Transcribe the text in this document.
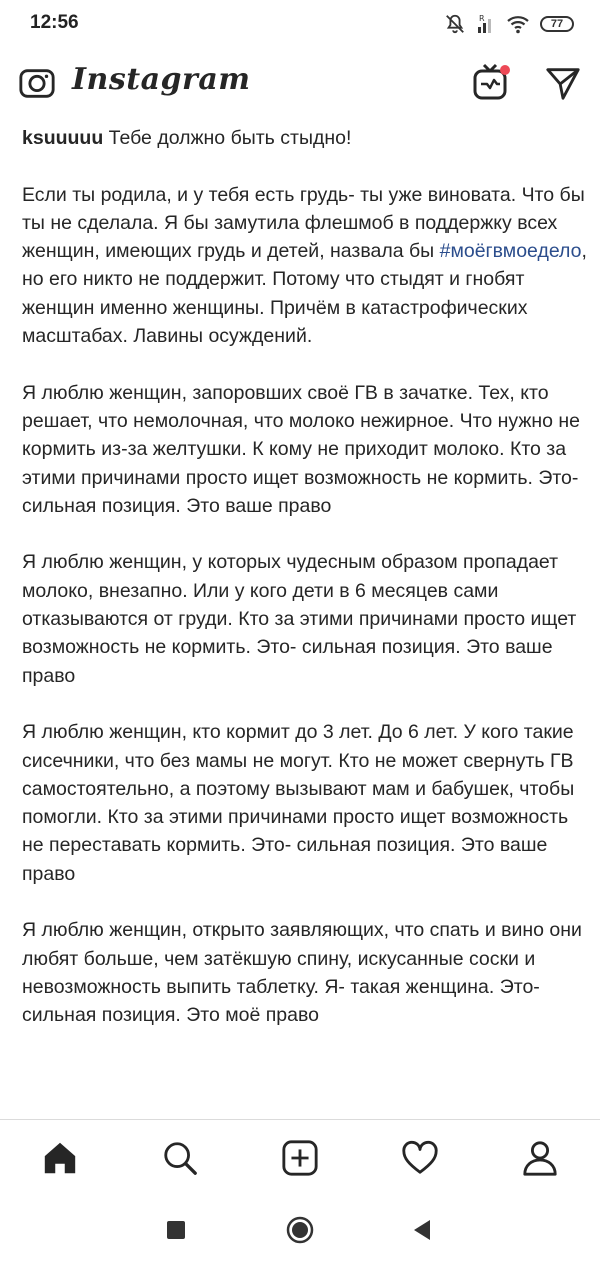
12:56	R	77
Instagram

ksuuuuu Тебе должно быть стыдно!

Если ты родила, и у тебя есть грудь- ты уже виновата. Что бы ты не сделала. Я бы замутила флешмоб в поддержку всех женщин, имеющих грудь и детей, назвала бы #моёгвмоедело, но его никто не поддержит. Потому что стыдят и гнобят женщин именно женщины. Причём в катастрофических масштабах. Лавины осуждений.

Я люблю женщин, запоровших своё ГВ в зачатке. Тех, кто решает, что немолочная, что молоко нежирное. Что нужно не кормить из-за желтушки. К кому не приходит молоко. Кто за этими причинами просто ищет возможность не кормить. Это- сильная позиция. Это ваше право

Я люблю женщин, у которых чудесным образом пропадает молоко, внезапно. Или у кого дети в 6 месяцев сами отказываются от груди. Кто за этими причинами просто ищет возможность не кормить. Это- сильная позиция. Это ваше право

Я люблю женщин, кто кормит до 3 лет. До 6 лет. У кого такие сисечники, что без мамы не могут. Кто не может свернуть ГВ самостоятельно, а поэтому вызывают мам и бабушек, чтобы помогли. Кто за этими причинами просто ищет возможность не переставать кормить. Это- сильная позиция. Это ваше право

Я люблю женщин, открыто заявляющих, что спать и вино они любят больше, чем затёкшую спину, искусанные соски и невозможность выпить таблетку. Я- такая женщина. Это- сильная позиция. Это моё право
